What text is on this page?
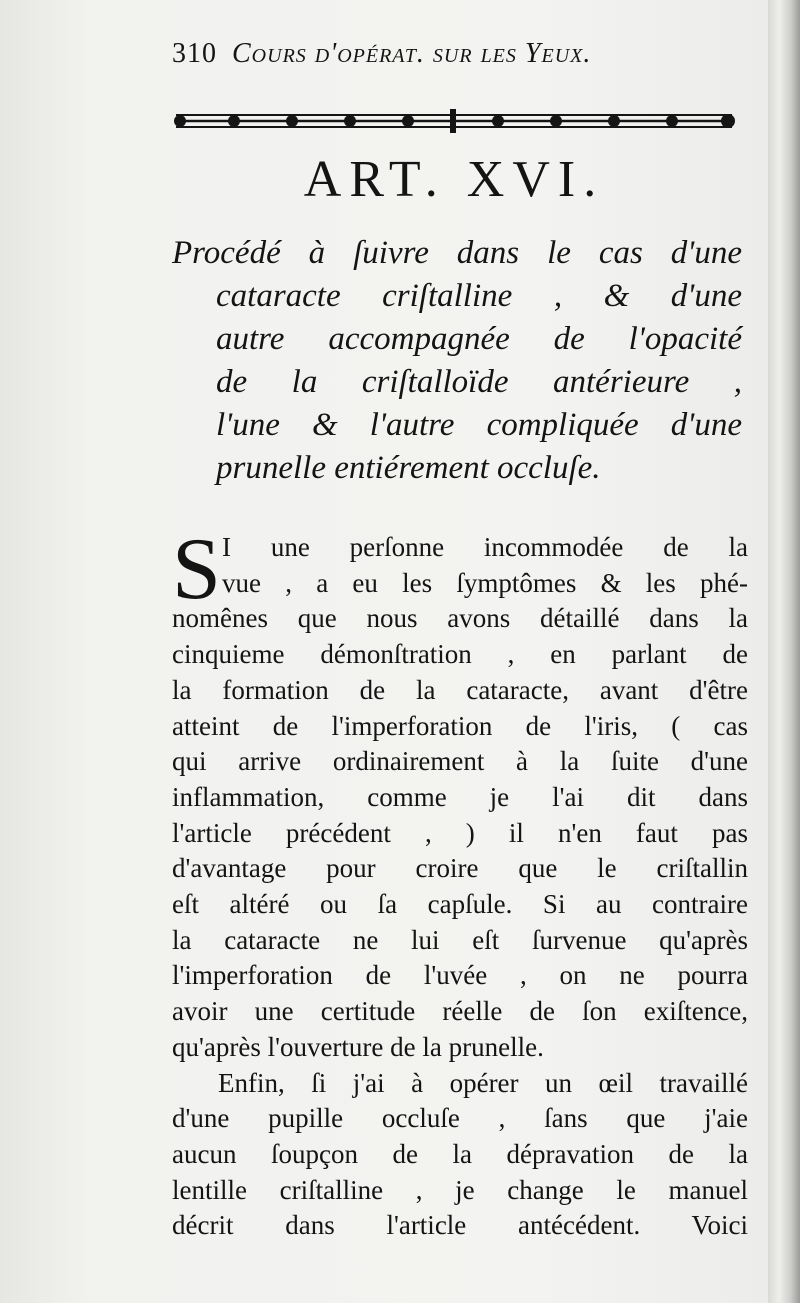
310 Cours d'opérat. sur les Yeux.
ART. XVI.
Procédé à ſuivre dans le cas d'une
cataracte criſtalline , & d'une
autre accompagnée de l'opacité
de la criſtalloïde antérieure ,
l'une & l'autre compliquée d'une
prunelle entiérement occluſe.
S I une perſonne incommodée de la
vue , a eu les ſymptômes & les phé-
nomênes que nous avons détaillé dans la
cinquieme démonſtration , en parlant de
la formation de la cataracte, avant d'être
atteint de l'imperforation de l'iris, ( cas
qui arrive ordinairement à la ſuite d'une
inflammation, comme je l'ai dit dans
l'article précédent , ) il n'en faut pas
d'avantage pour croire que le criſtallin
eſt altéré ou ſa capſule. Si au contraire
la cataracte ne lui eſt ſurvenue qu'après
l'imperforation de l'uvée , on ne pourra
avoir une certitude réelle de ſon exiſtence,
qu'après l'ouverture de la prunelle.
Enfin, ſi j'ai à opérer un œil travaillé
d'une pupille occluſe , ſans que j'aie
aucun ſoupçon de la dépravation de la
lentille criſtalline , je change le manuel
décrit dans l'article antécédent. Voici
